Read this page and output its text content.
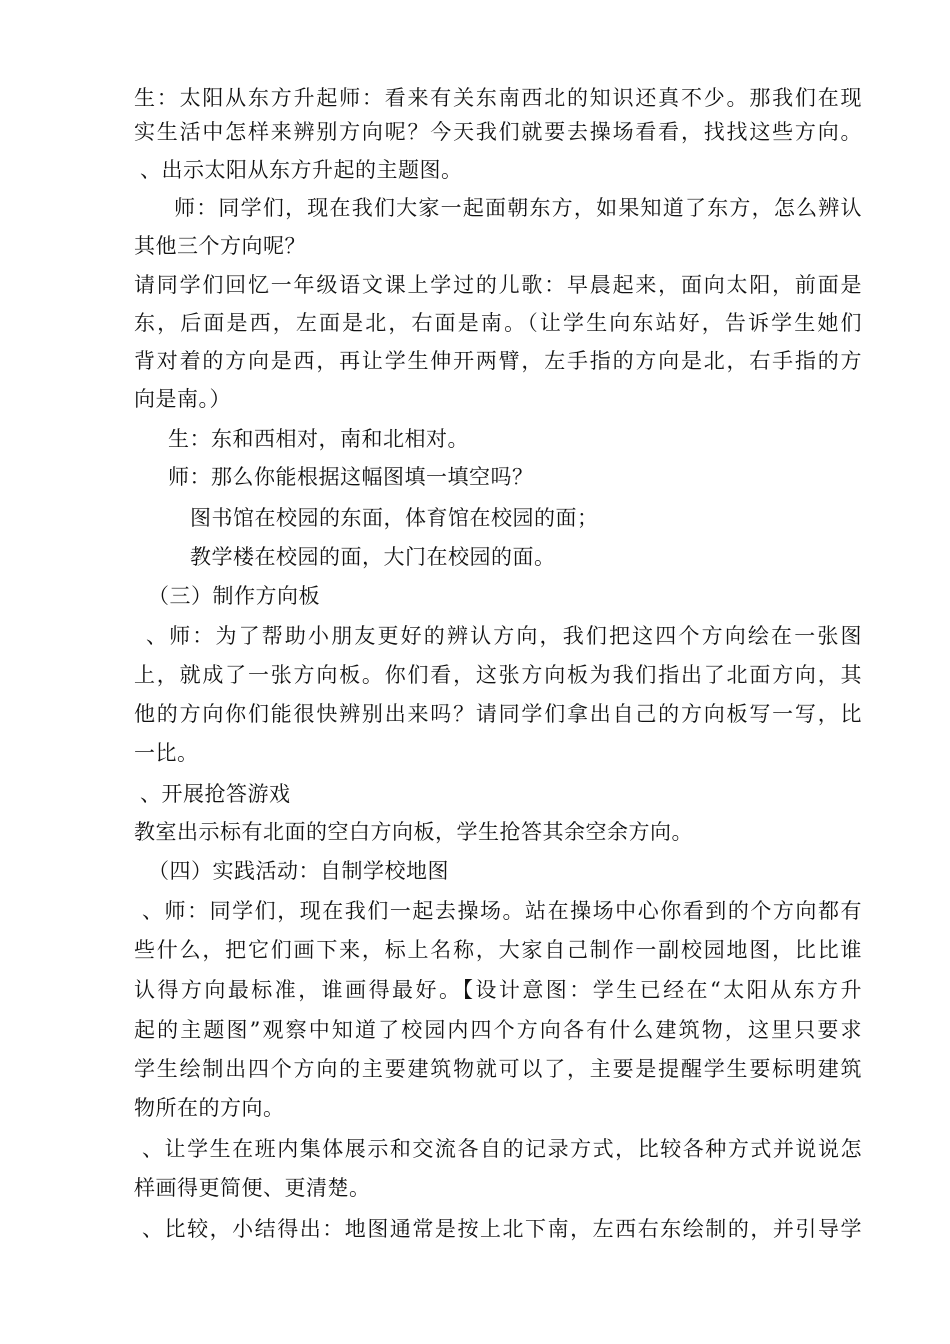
生：太阳从东方升起师：看来有关东南西北的知识还真不少。那我们在现
实生活中怎样来辨别方向呢？今天我们就要去操场看看，找找这些方向。
、出示太阳从东方升起的主题图。
师：同学们，现在我们大家一起面朝东方，如果知道了东方，怎么辨认
其他三个方向呢？
请同学们回忆一年级语文课上学过的儿歌：早晨起来，面向太阳，前面是
东，后面是西，左面是北，右面是南。（让学生向东站好，告诉学生她们
背对着的方向是西，再让学生伸开两臂，左手指的方向是北，右手指的方
向是南。）
生：东和西相对，南和北相对。
师：那么你能根据这幅图填一填空吗？
图书馆在校园的东面，体育馆在校园的面；
教学楼在校园的面，大门在校园的面。
（三）制作方向板
、师：为了帮助小朋友更好的辨认方向，我们把这四个方向绘在一张图
上，就成了一张方向板。你们看，这张方向板为我们指出了北面方向，其
他的方向你们能很快辨别出来吗？请同学们拿出自己的方向板写一写，比
一比。
、开展抢答游戏
教室出示标有北面的空白方向板，学生抢答其余空余方向。
（四）实践活动：自制学校地图
、师：同学们，现在我们一起去操场。站在操场中心你看到的个方向都有
些什么，把它们画下来，标上名称，大家自己制作一副校园地图，比比谁
认得方向最标准，谁画得最好。【设计意图：学生已经在“太阳从东方升
起的主题图”观察中知道了校园内四个方向各有什么建筑物，这里只要求
学生绘制出四个方向的主要建筑物就可以了，主要是提醒学生要标明建筑
物所在的方向。
、让学生在班内集体展示和交流各自的记录方式，比较各种方式并说说怎
样画得更简便、更清楚。
、比较，小结得出：地图通常是按上北下南，左西右东绘制的，并引导学
